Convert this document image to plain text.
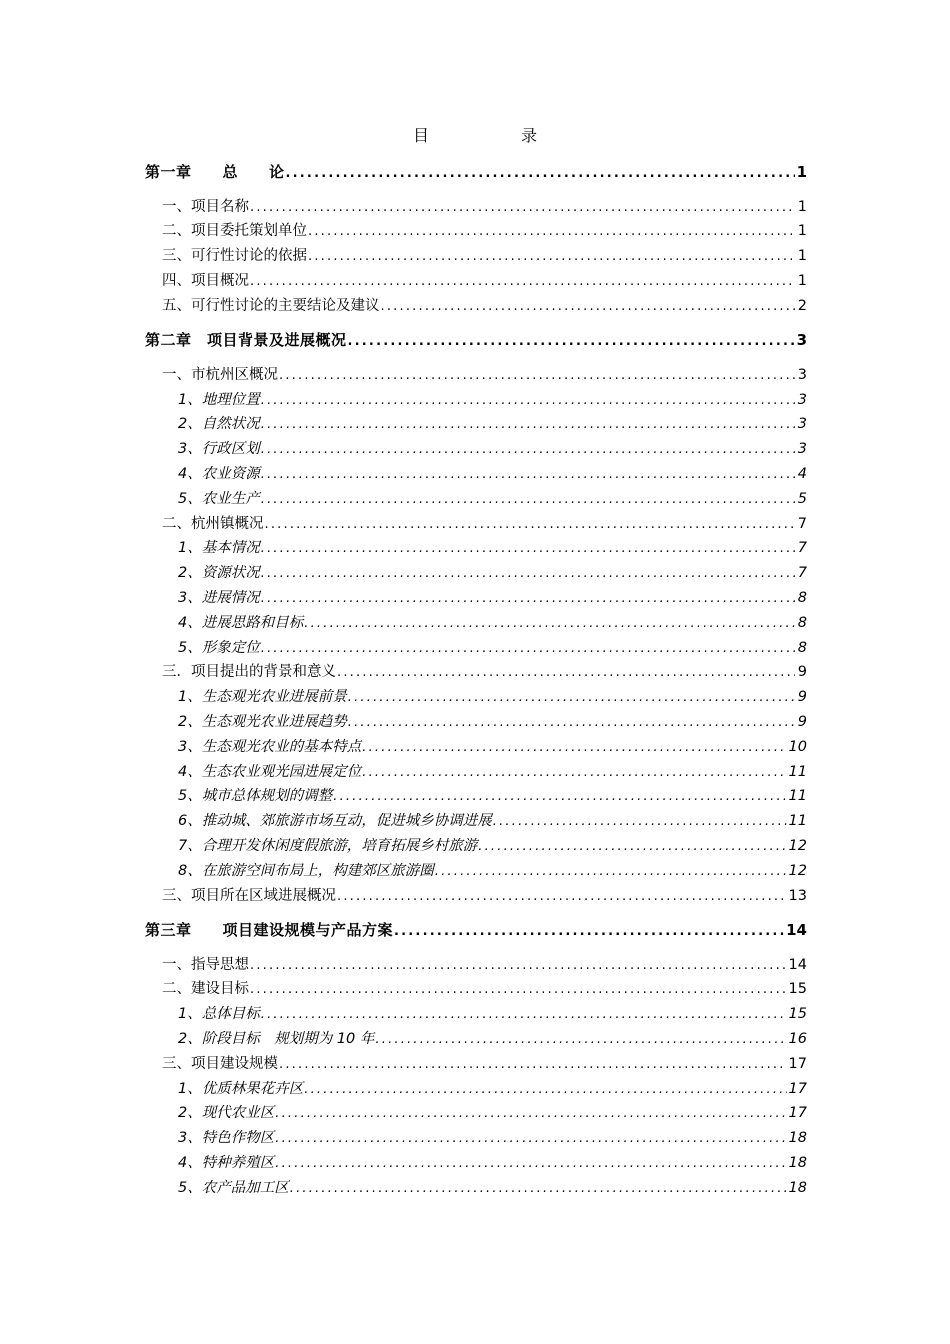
目　录
第一章　　总　　论 .....	1
一、项目名称 .....	1
二、项目委托策划单位 .....	1
三、可行性讨论的依据 .....	1
四、项目概况 .....	1
五、可行性讨论的主要结论及建议 .....	2
第二章　项目背景及进展概况 .....	3
一、市杭州区概况 .....	3
1、地理位置 .....	3
2、自然状况 .....	3
3、行政区划 .....	3
4、农业资源 .....	4
5、农业生产 .....	5
二、杭州镇概况 .....	7
1、基本情况 .....	7
2、资源状况 .....	7
3、进展情况 .....	8
4、进展思路和目标 .....	8
5、形象定位 .....	8
三．项目提出的背景和意义 .....	9
1、生态观光农业进展前景 .....	9
2、生态观光农业进展趋势 .....	9
3、生态观光农业的基本特点 .....	10
4、生态农业观光园进展定位 .....	11
5、城市总体规划的调整 .....	11
6、推动城、郊旅游市场互动，促进城乡协调进展 .....	11
7、合理开发休闲度假旅游，培育拓展乡村旅游 .....	12
8、在旅游空间布局上，构建郊区旅游圈 .....	12
三、项目所在区域进展概况 .....	13
第三章　　项目建设规模与产品方案 .....	14
一、指导思想 .....	14
二、建设目标 .....	15
1、总体目标 .....	15
2、阶段目标　规划期为 10 年 .....	16
三、项目建设规模 .....	17
1、优质林果花卉区 .....	17
2、现代农业区 .....	17
3、特色作物区 .....	18
4、特种养殖区 .....	18
5、农产品加工区 .....	18
